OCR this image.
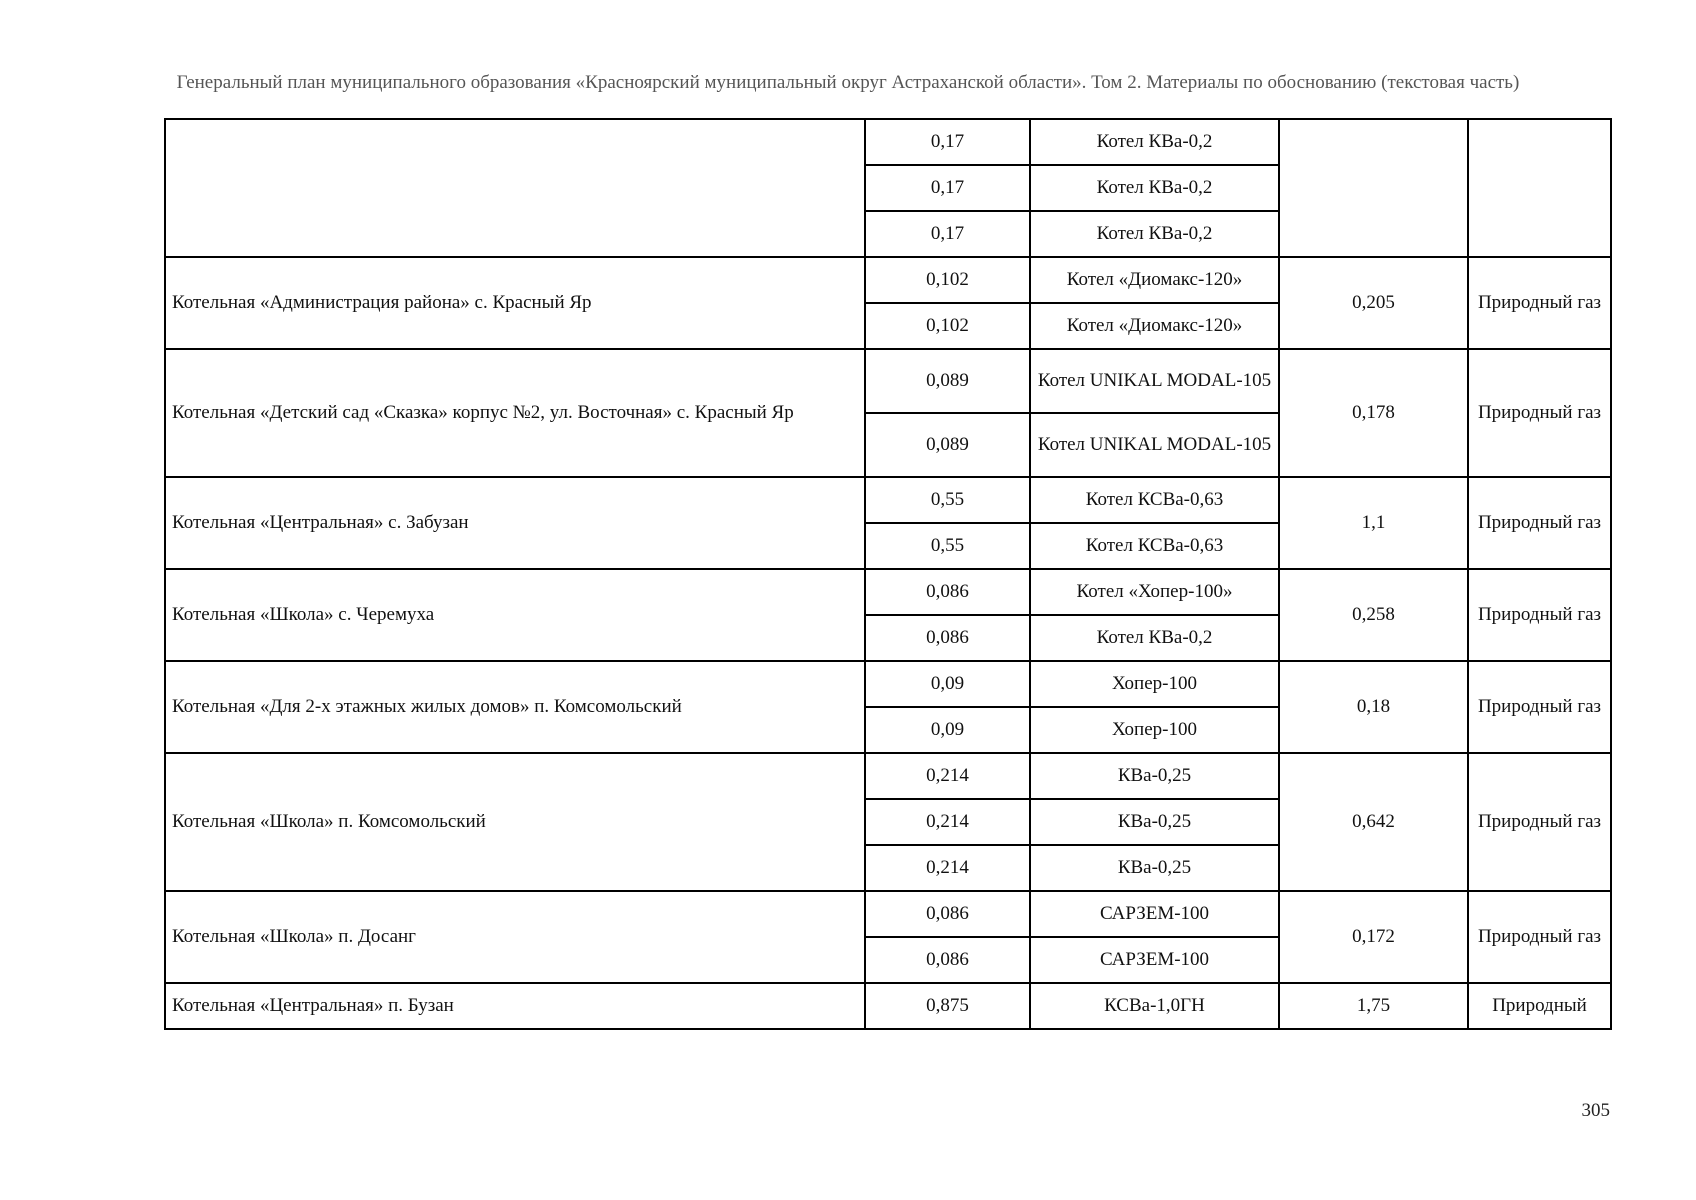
Генеральный план муниципального образования «Красноярский муниципальный округ Астраханской области». Том 2. Материалы по обоснованию (текстовая часть)
	0,17	Котел КВа-0,2		
	0,17	Котел КВа-0,2		
	0,17	Котел КВа-0,2		
Котельная «Администрация района» с. Красный Яр	0,102	Котел «Диомакс-120»	0,205	Природный газ
	0,102	Котел «Диомакс-120»		
Котельная «Детский сад «Сказка» корпус №2, ул. Восточная» с. Красный Яр	0,089	Котел UNIKAL MODAL-105	0,178	Природный газ
	0,089	Котел UNIKAL MODAL-105		
Котельная «Центральная» с. Забузан	0,55	Котел КСВа-0,63	1,1	Природный газ
	0,55	Котел КСВа-0,63		
Котельная «Школа» с. Черемуха	0,086	Котел «Хопер-100»	0,258	Природный газ
	0,086	Котел КВа-0,2		
Котельная «Для 2-х этажных жилых домов» п. Комсомольский	0,09	Хопер-100	0,18	Природный газ
	0,09	Хопер-100		
Котельная «Школа» п. Комсомольский	0,214	КВа-0,25	0,642	Природный газ
	0,214	КВа-0,25		
	0,214	КВа-0,25		
Котельная «Школа» п. Досанг	0,086	САРЗЕМ-100	0,172	Природный газ
	0,086	САРЗЕМ-100		
Котельная «Центральная» п. Бузан	0,875	КСВа-1,0ГН	1,75	Природный
305
